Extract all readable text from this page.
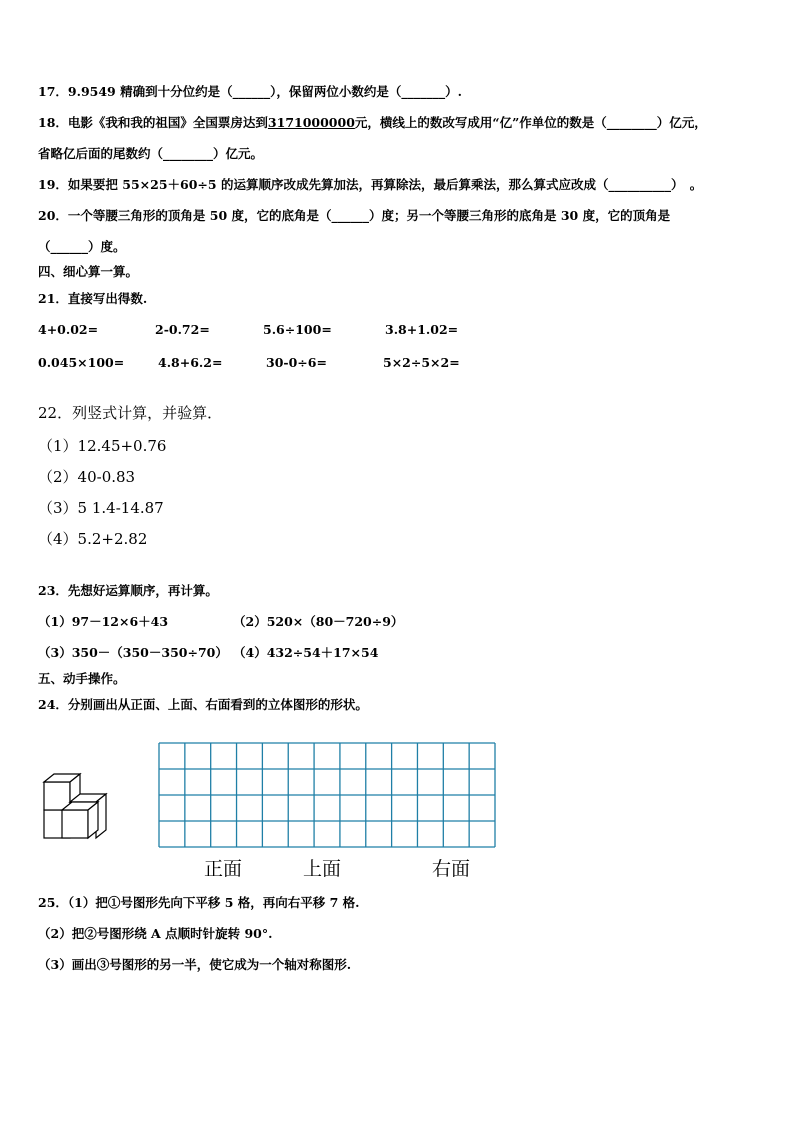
17．9.9549 精确到十分位约是（______），保留两位小数约是（_______）.
18．电影《我和我的祖国》全国票房达到3171000000元，横线上的数改写成用“亿”作单位的数是（________）亿元，
省略亿后面的尾数约（________）亿元。
19．如果要把 55×25＋60÷5 的运算顺序改成先算加法，再算除法，最后算乘法，那么算式应改成（__________）　。
20．一个等腰三角形的顶角是 50 度，它的底角是（______）度；另一个等腰三角形的底角是 30 度，它的顶角是
（______）度。
四、细心算一算。
21．直接写出得数.
4+0.02=	2-0.72=	5.6÷100=	3.8+1.02=
0.045×100=	4.8+6.2=	30-0÷6=	5×2÷5×2=
22．列竖式计算，并验算．
（1）12.45+0.76
（2）40-0.83
（3）5 1.4-14.87
（4）5.2+2.82
23．先想好运算顺序，再计算。
（1）97－12×6＋43	（2）520×（80－720÷9）
（3）350－（350－350÷70） （4）432÷54＋17×54
五、动手操作。
24．分别画出从正面、上面、右面看到的立体图形的形状。
正面	上面	右面
25．（1）把①号图形先向下平移 5 格，再向右平移 7 格.
（2）把②号图形绕 A 点顺时针旋转 90°.
（3）画出③号图形的另一半，使它成为一个轴对称图形.
